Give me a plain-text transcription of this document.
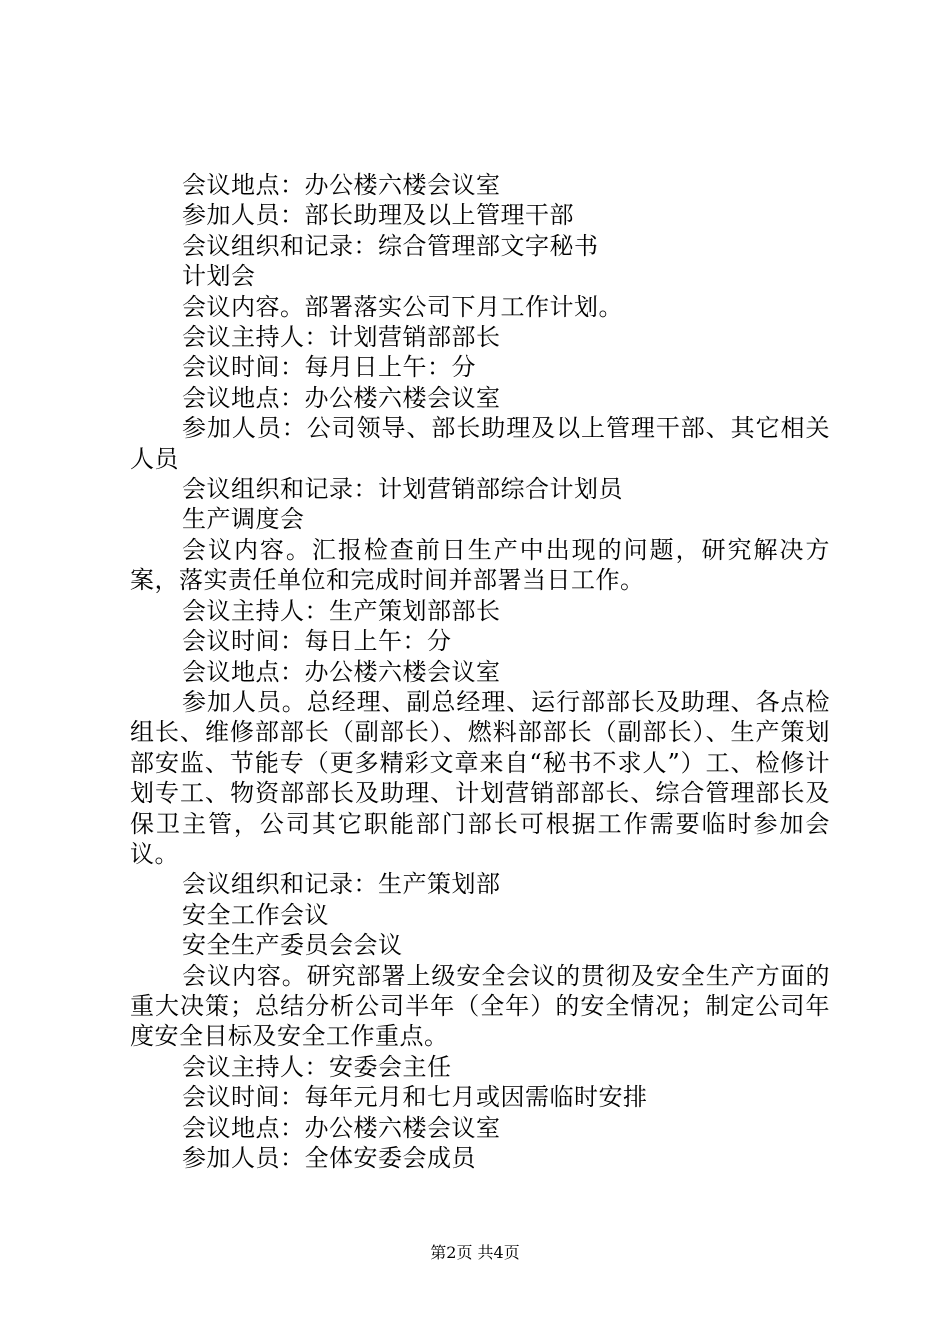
会议地点：办公楼六楼会议室

参加人员：部长助理及以上管理干部

会议组织和记录：综合管理部文字秘书

计划会

会议内容。部署落实公司下月工作计划。

会议主持人：计划营销部部长

会议时间：每月日上午：分

会议地点：办公楼六楼会议室

参加人员：公司领导、部长助理及以上管理干部、其它相关人员

会议组织和记录：计划营销部综合计划员

生产调度会

会议内容。汇报检查前日生产中出现的问题，研究解决方案，落实责任单位和完成时间并部署当日工作。

会议主持人：生产策划部部长

会议时间：每日上午：分

会议地点：办公楼六楼会议室

参加人员。总经理、副总经理、运行部部长及助理、各点检组长、维修部部长（副部长）、燃料部部长（副部长）、生产策划部安监、节能专（更多精彩文章来自“秘书不求人”）工、检修计划专工、物资部部长及助理、计划营销部部长、综合管理部长及保卫主管，公司其它职能部门部长可根据工作需要临时参加会议。

会议组织和记录：生产策划部

安全工作会议

安全生产委员会会议

会议内容。研究部署上级安全会议的贯彻及安全生产方面的重大决策；总结分析公司半年（全年）的安全情况；制定公司年度安全目标及安全工作重点。

会议主持人：安委会主任

会议时间：每年元月和七月或因需临时安排

会议地点：办公楼六楼会议室

参加人员：全体安委会成员

第2页 共4页
